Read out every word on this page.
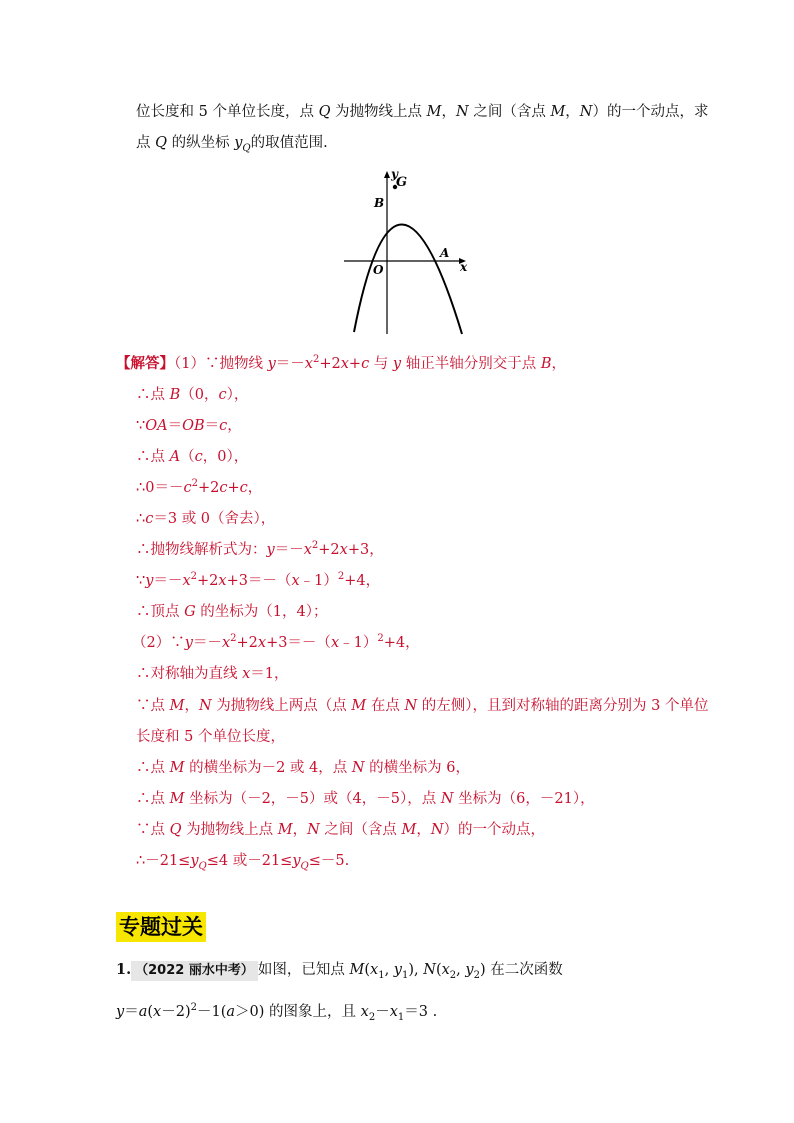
位长度和 5 个单位长度，点 Q 为抛物线上点 M，N 之间（含点 M，N）的一个动点，求
点 Q 的纵坐标 $y_Q$的取值范围.
G
y
x
B
A
O
【解答】（1）∵抛物线 $y=-x^2+2x+c$ 与 y 轴正半轴分别交于点 B，
∴点 B（0，c），
∵OA＝OB＝c，
∴点 A（c，0），
$\therefore 0=-c^2+2c+c$，
∴c＝3 或 0（舍去），
∴抛物线解析式为：$y=-x^2+2x+3$，
$\because y=-x^2+2x+3=-(x﹣1)^2+4$，
∴顶点 G 的坐标为（1，4）；
$(2)\because y=-x^2+2x+3=-(x﹣1)^2+4$，
∴对称轴为直线 x＝1，
∵点 M，N 为抛物线上两点（点 M 在点 N 的左侧），且到对称轴的距离分别为 3 个单位
长度和 5 个单位长度，
∴点 M 的横坐标为－2 或 4，点 N 的横坐标为 6，
∴点 M 坐标为（－2，－5）或（4，－5），点 N 坐标为（6，－21），
∵点 Q 为抛物线上点 M，N 之间（含点 M，N）的一个动点，
$\therefore-21\le y_Q\le 4$ 或$-21\le y_Q\le-5$.
专题过关
1. （2022 丽水中考） 如图，已知点 $M(x_1$, $y_1$), $N(x_2$, $y_2$) 在二次函数
$y=a(x-2)^2-1(a>0)$ 的图象上，且 $x_2-x_1=3$ .
